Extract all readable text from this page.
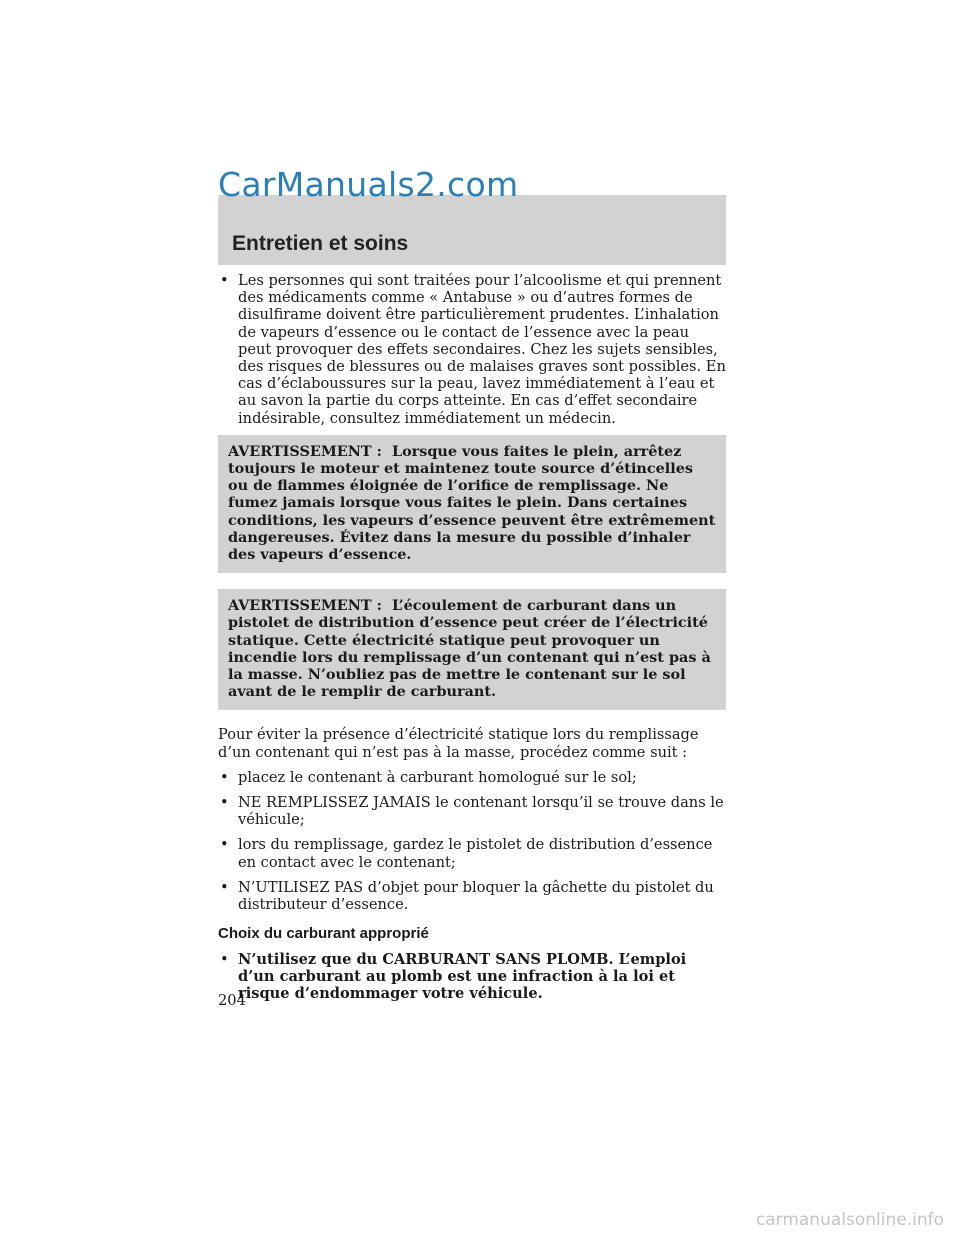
CarManuals2.com
Entretien et soins
• Les personnes qui sont traitées pour l’alcoolisme et qui prennent des médicaments comme « Antabuse » ou d’autres formes de disulfirame doivent être particulièrement prudentes. L’inhalation de vapeurs d’essence ou le contact de l’essence avec la peau peut provoquer des effets secondaires. Chez les sujets sensibles, des risques de blessures ou de malaises graves sont possibles. En cas d’éclaboussures sur la peau, lavez immédiatement à l’eau et au savon la partie du corps atteinte. En cas d’effet secondaire indésirable, consultez immédiatement un médecin.
AVERTISSEMENT : Lorsque vous faites le plein, arrêtez toujours le moteur et maintenez toute source d’étincelles ou de flammes éloignée de l’orifice de remplissage. Ne fumez jamais lorsque vous faites le plein. Dans certaines conditions, les vapeurs d’essence peuvent être extrêmement dangereuses. Évitez dans la mesure du possible d’inhaler des vapeurs d’essence.
AVERTISSEMENT : L’écoulement de carburant dans un pistolet de distribution d’essence peut créer de l’électricité statique. Cette électricité statique peut provoquer un incendie lors du remplissage d’un contenant qui n’est pas à la masse. N’oubliez pas de mettre le contenant sur le sol avant de le remplir de carburant.

Pour éviter la présence d’électricité statique lors du remplissage d’un contenant qui n’est pas à la masse, procédez comme suit :

• placez le contenant à carburant homologué sur le sol;
• NE REMPLISSEZ JAMAIS le contenant lorsqu’il se trouve dans le véhicule;
• lors du remplissage, gardez le pistolet de distribution d’essence en contact avec le contenant;
• N’UTILISEZ PAS d’objet pour bloquer la gâchette du pistolet du distributeur d’essence.
Choix du carburant approprié
• N’utilisez que du CARBURANT SANS PLOMB. L’emploi d’un carburant au plomb est une infraction à la loi et risque d’endommager votre véhicule.
204
carmanualsonline.info
